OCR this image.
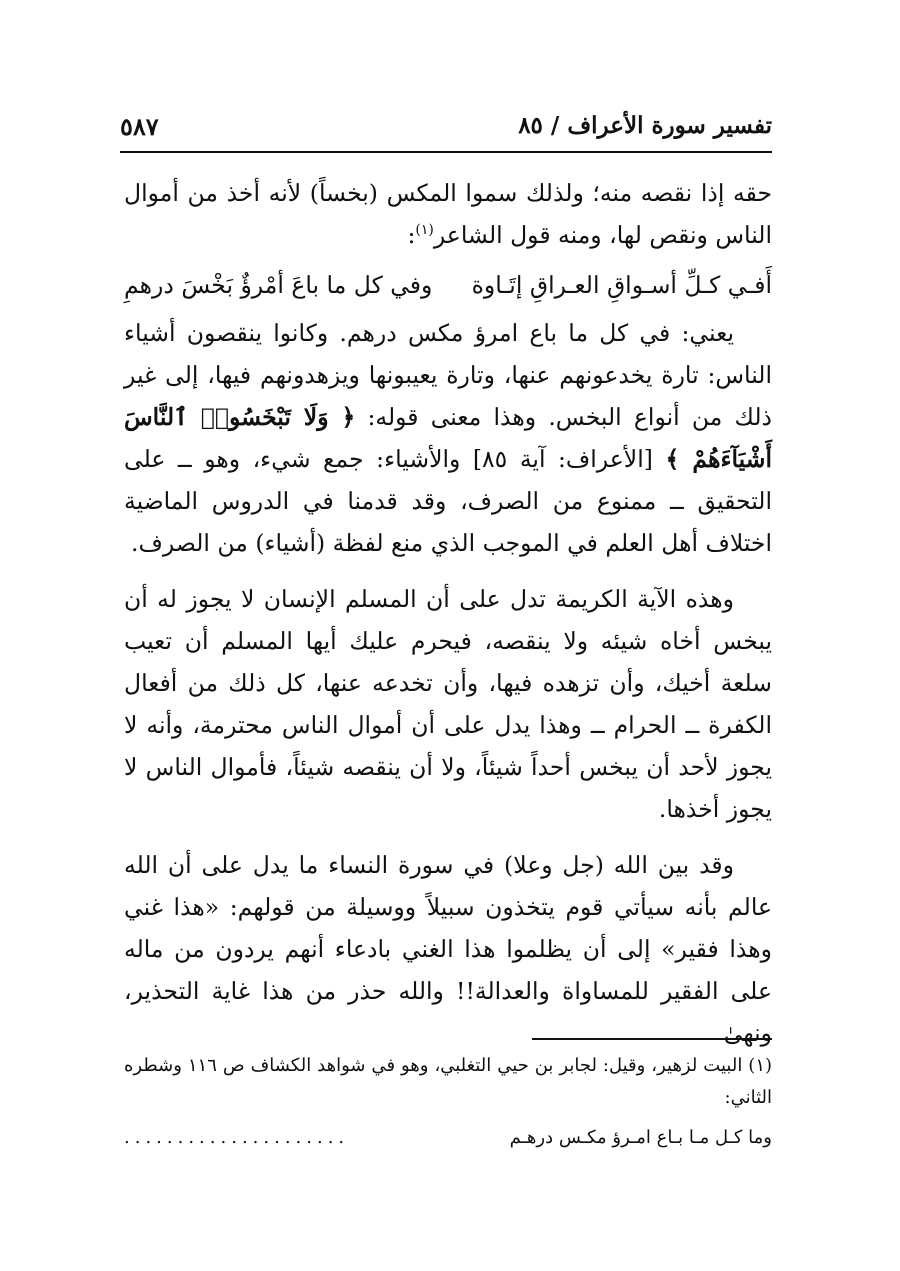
تفسير سورة الأعراف / ٨٥
٥٨٧

حقه إذا نقصه منه؛ ولذلك سموا المكس (بخساً) لأنه أخذ من أموال الناس ونقص لها، ومنه قول الشاعر$^{(١)}$:

أَفـي كـلِّ أسـواقِ العـراقِ إتَـاوة
وفي كل ما باعَ أمْرؤٌ بَخْسَ درهمِ

يعني: في كل ما باع امرؤ مكس درهم. وكانوا ينقصون أشياء الناس: تارة يخدعونهم عنها، وتارة يعيبونها ويزهدونهم فيها، إلى غير ذلك من أنواع البخس. وهذا معنى قوله: ﴿ وَلَا تَبْخَسُوا۟ ٱلنَّاسَ أَشْيَآءَهُمْ ﴾ [الأعراف: آية ٨٥] والأشياء: جمع شيء، وهو ــ على التحقيق ــ ممنوع من الصرف، وقد قدمنا في الدروس الماضية اختلاف أهل العلم في الموجب الذي منع لفظة (أشياء) من الصرف.

وهذه الآية الكريمة تدل على أن المسلم الإنسان لا يجوز له أن يبخس أخاه شيئه ولا ينقصه، فيحرم عليك أيها المسلم أن تعيب سلعة أخيك، وأن تزهده فيها، وأن تخدعه عنها، كل ذلك من أفعال الكفرة ــ الحرام ــ وهذا يدل على أن أموال الناس محترمة، وأنه لا يجوز لأحد أن يبخس أحداً شيئاً، ولا أن ينقصه شيئاً، فأموال الناس لا يجوز أخذها.

وقد بين الله (جل وعلا) في سورة النساء ما يدل على أن الله عالم بأنه سيأتي قوم يتخذون سبيلاً ووسيلة من قولهم: «هذا غني وهذا فقير» إلى أن يظلموا هذا الغني بادعاء أنهم يردون من ماله على الفقير للمساواة والعدالة!! والله حذر من هذا غاية التحذير، ونهىٰ

(١) البيت لزهير، وقيل: لجابر بن حيي التغلبي، وهو في شواهد الكشاف ص ١١٦ وشطره الثاني:

وما كـل مـا بـاع امـرؤ مكـس درهـم
.....................
